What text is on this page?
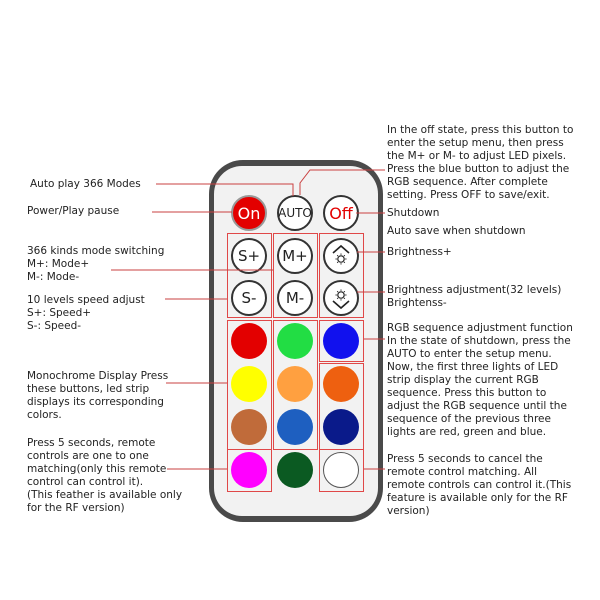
On AUTO Off
S+
S-
M+
M-
Auto play 366 Modes
Power/Play pause
366 kinds mode switching
M+: Mode+
M-: Mode-
10 levels speed adjust
S+: Speed+
S-: Speed-
Monochrome Display Press
these buttons, led strip
displays its corresponding
colors.
Press 5 seconds, remote
controls are one to one
matching(only this remote
control can control it).
(This feather is available only
for the RF version)
In the off state, press this button to
enter the setup menu, then press
the M+ or M- to adjust LED pixels.
Press the blue button to adjust the
RGB sequence. After complete
setting. Press OFF to save/exit.
Shutdown
Auto save when shutdown
Brightness+
Brightness adjustment(32 levels)
Brightenss-
RGB sequence adjustment function
In the state of shutdown, press the
AUTO to enter the setup menu.
Now, the first three lights of LED
strip display the current RGB
sequence. Press this button to
adjust the RGB sequence until the
sequence of the previous three
lights are red, green and blue.
Press 5 seconds to cancel the
remote control matching. All
remote controls can control it.(This
feature is available only for the RF
version)
